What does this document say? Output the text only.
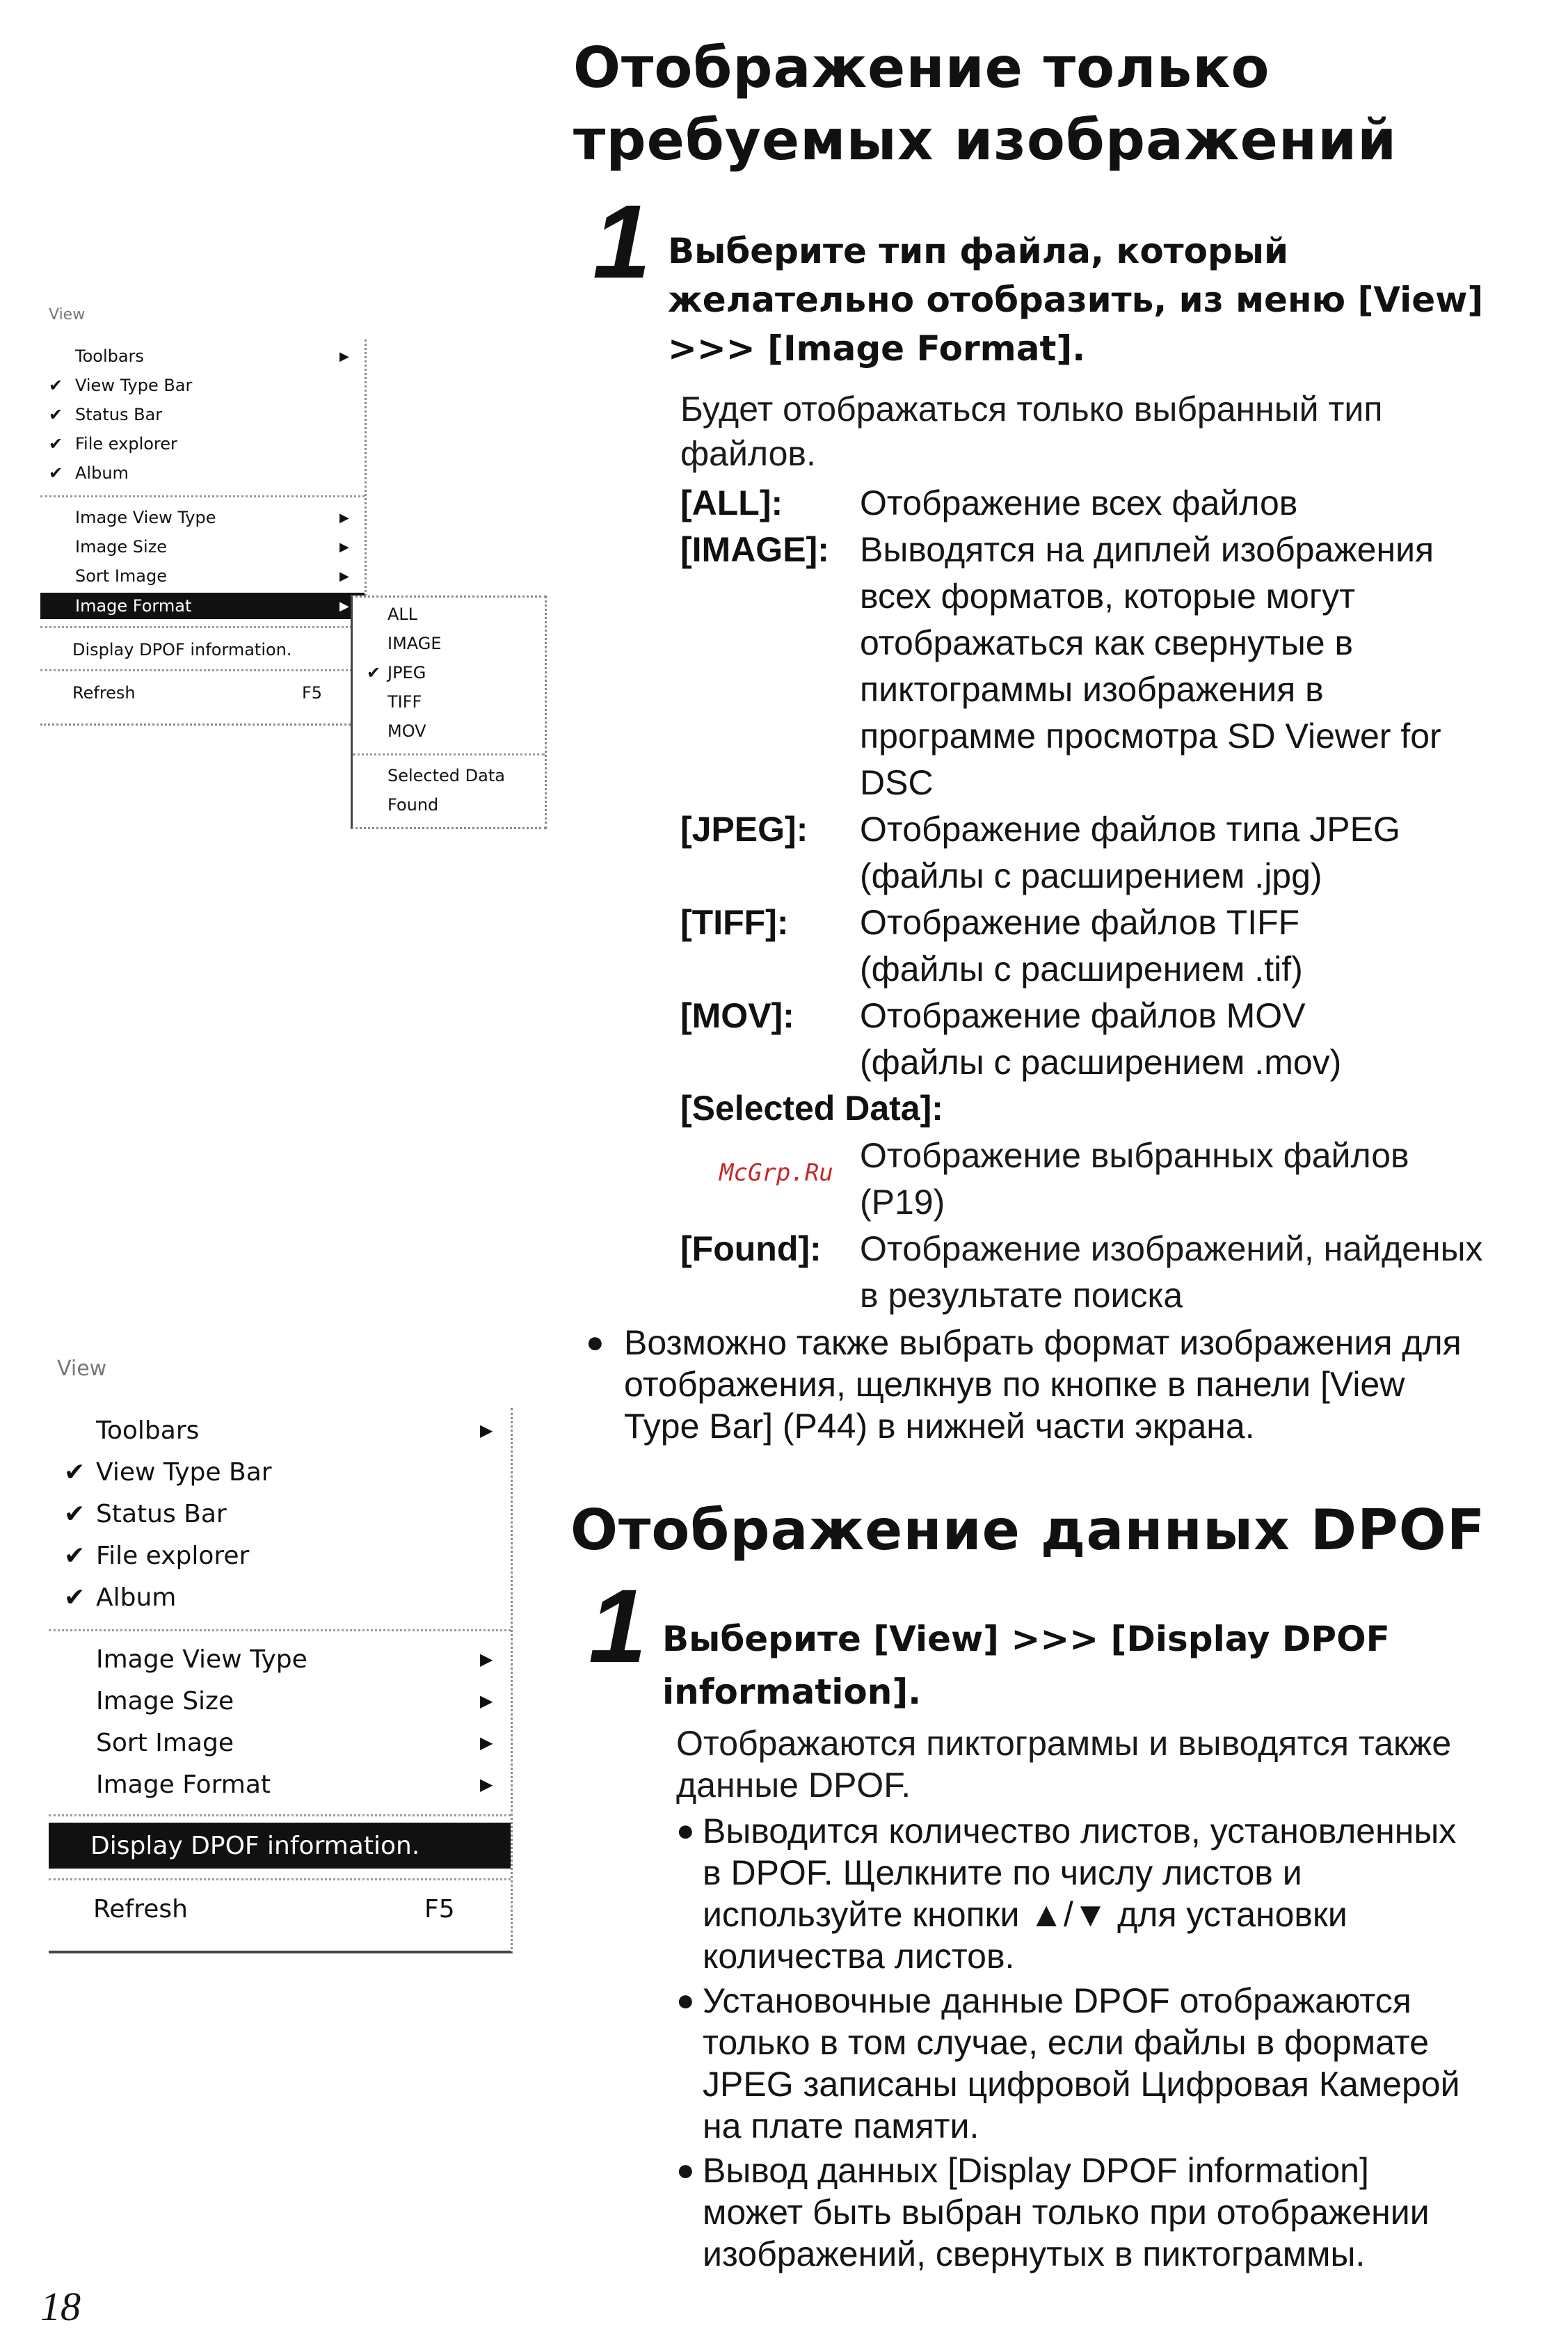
Отображение только
требуемых изображений
1 Выберите тип файла, который
желательно отобразить, из меню [View]
>>> [Image Format].
Будет отображаться только выбранный тип
файлов.
[ALL]:	Отображение всех файлов
[IMAGE]: Выводятся на диплей изображения
всех форматов, которые могут
отображаться как свернутые в
пиктограммы изображения в
программе просмотра SD Viewer for
DSC
[JPEG]:	Отображение файлов типа JPEG
(файлы с расширением .jpg)
[TIFF]:	Отображение файлов TIFF
(файлы с расширением .tif)
[MOV]:	Отображение файлов MOV
(файлы с расширением .mov)
[Selected Data]:
Отображение выбранных файлов
(P19)
[Found]: Отображение изображений, найденых
в результате поиска
● Возможно также выбрать формат изображения для
отображения, щелкнув по кнопке в панели [View
Type Bar] (P44) в нижней части экрана.
Отображение данных DPOF
1 Выберите [View] >>> [Display DPOF
information].
Отображаются пиктограммы и выводятся также
данные DPOF.
● Выводится количество листов, установленных
в DPOF. Щелкните по числу листов и
используйте кнопки ▲/▼ для установки
количества листов.
● Установочные данные DPOF отображаются
только в том случае, если файлы в формате
JPEG записаны цифровой Цифровая Камерой
на плате памяти.
● Вывод данных [Display DPOF information]
может быть выбран только при отображении
изображений, свернутых в пиктограммы.
View
Toolbars	▶
✔ View Type Bar
✔ Status Bar
✔ File explorer
✔ Album
Image View Type	▶
Image Size	▶
Sort Image	▶
Image Format	▶
Display DPOF information.
Refresh	F5
ALL
IMAGE
✔ JPEG
TIFF
MOV
Selected Data
Found
View
Toolbars	▶
✔ View Type Bar
✔ Status Bar
✔ File explorer
✔ Album
Image View Type	▶
Image Size	▶
Sort Image	▶
Image Format	▶
Display DPOF information.
Refresh	F5
McGrp.Ru
18
